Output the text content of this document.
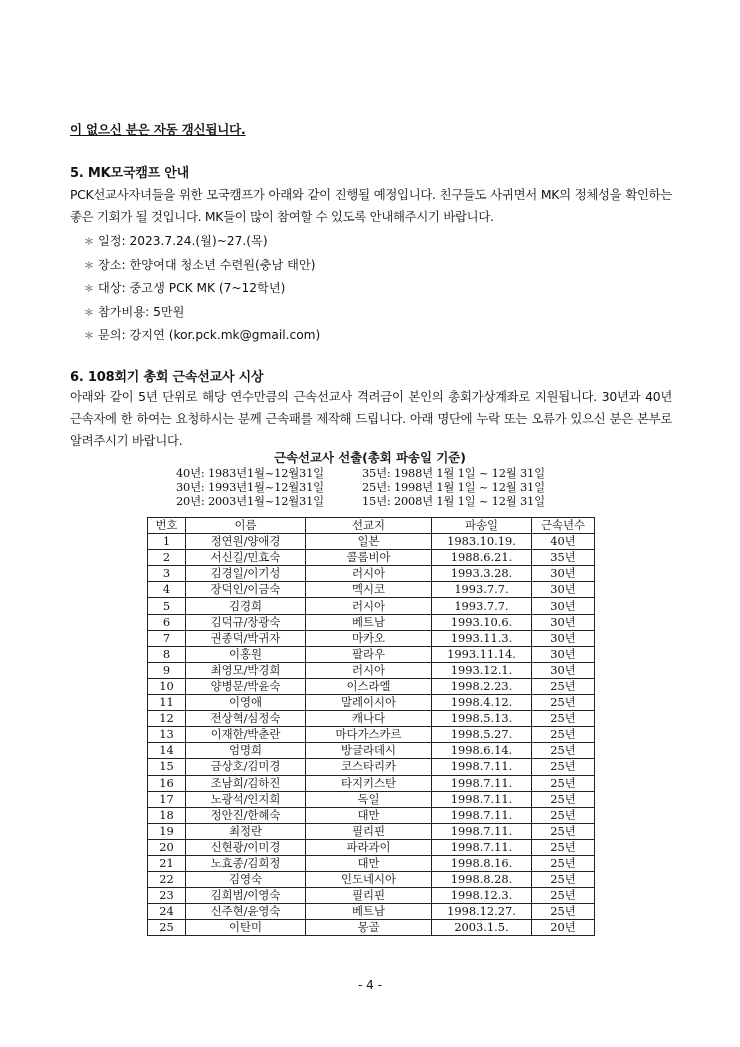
이 없으신 분은 자동 갱신됩니다.
5. MK모국캠프 안내
PCK선교사자녀들을 위한 모국캠프가 아래와 같이 진행될 예정입니다. 친구들도 사귀면서 MK의 정체성을 확인하는 좋은 기회가 될 것입니다. MK들이 많이 참여할 수 있도록 안내해주시기 바랍니다.
＊ 일정: 2023.7.24.(월)~27.(목)
＊ 장소: 한양여대 청소년 수련원(충남 태안)
＊ 대상: 중고생 PCK MK (7~12학년)
＊ 참가비용: 5만원
＊ 문의: 강지연 (kor.pck.mk@gmail.com)
6. 108회기 총회 근속선교사 시상
아래와 같이 5년 단위로 해당 연수만큼의 근속선교사 격려금이 본인의 총회가상계좌로 지원됩니다. 30년과 40년 근속자에 한 하여는 요청하시는 분께 근속패를 제작해 드립니다. 아래 명단에 누락 또는 오류가 있으신 분은 본부로 알려주시기 바랍니다.
근속선교사 선출(총회 파송일 기준)
40년: 1983년1월~12월31일
30년: 1993년1월~12월31일
20년: 2003년1월~12월31일
35년: 1988년 1월 1일 ~ 12월 31일
25년: 1998년 1월 1일 ~ 12월 31일
15년: 2008년 1월 1일 ~ 12월 31일
번호	이름	선교지	파송일	근속년수
1	정연원/양애경	일본	1983.10.19.	40년
2	서신길/민효숙	콜롬비아	1988.6.21.	35년
3	김경일/이기성	러시아	1993.3.28.	30년
4	장덕인/이금숙	멕시코	1993.7.7.	30년
5	김경희	러시아	1993.7.7.	30년
6	김덕규/장광숙	베트남	1993.10.6.	30년
7	권종덕/박귀자	마카오	1993.11.3.	30년
8	이홍원	팔라우	1993.11.14.	30년
9	최영모/박경희	러시아	1993.12.1.	30년
10	양병문/박윤숙	이스라엘	1998.2.23.	25년
11	이영애	말레이시아	1998.4.12.	25년
12	전상혁/심정숙	캐나다	1998.5.13.	25년
13	이재한/박춘란	마다가스카르	1998.5.27.	25년
14	엄명희	방글라데시	1998.6.14.	25년
15	금상호/김미경	코스타리카	1998.7.11.	25년
16	조남희/김하진	타지키스탄	1998.7.11.	25년
17	노광석/인지희	독일	1998.7.11.	25년
18	정안진/한혜숙	대만	1998.7.11.	25년
19	최정란	필리핀	1998.7.11.	25년
20	신현광/이미경	파라과이	1998.7.11.	25년
21	노효종/김희정	대만	1998.8.16.	25년
22	김영숙	인도네시아	1998.8.28.	25년
23	김희범/이영숙	필리핀	1998.12.3.	25년
24	신주현/윤영숙	베트남	1998.12.27.	25년
25	이탄미	몽골	2003.1.5.	20년
- 4 -
